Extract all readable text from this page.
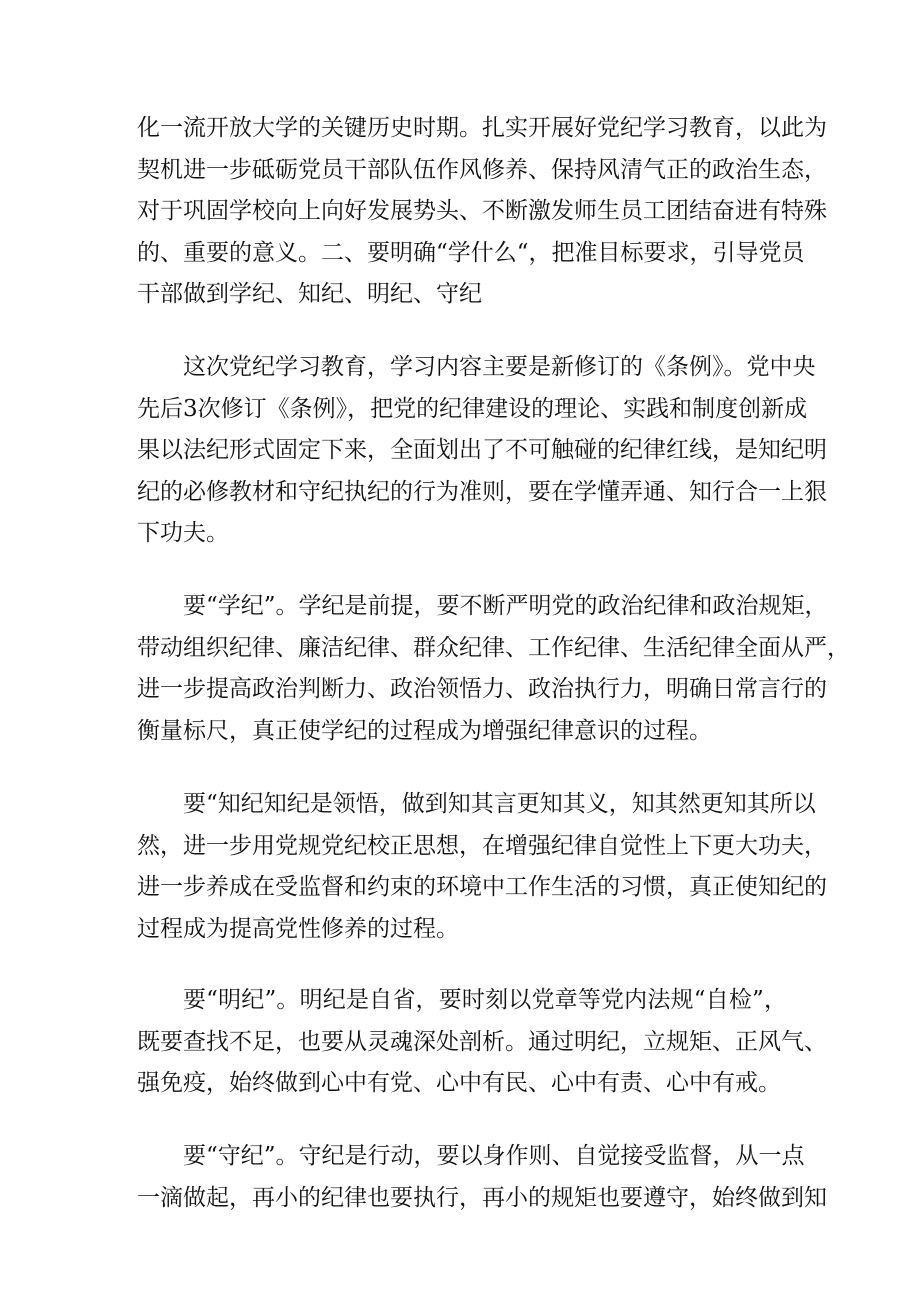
化一流开放大学的关键历史时期。扎实开展好党纪学习教育，以此为
契机进一步砥砺党员干部队伍作风修养、保持风清气正的政治生态，
对于巩固学校向上向好发展势头、不断激发师生员工团结奋进有特殊
的、重要的意义。二、要明确“学什么“，把准目标要求，引导党员
干部做到学纪、知纪、明纪、守纪
这次党纪学习教育，学习内容主要是新修订的《条例》。党中央
先后3次修订《条例》，把党的纪律建设的理论、实践和制度创新成
果以法纪形式固定下来，全面划出了不可触碰的纪律红线，是知纪明
纪的必修教材和守纪执纪的行为准则，要在学懂弄通、知行合一上狠
下功夫。
要“学纪”。学纪是前提，要不断严明党的政治纪律和政治规矩，
带动组织纪律、廉洁纪律、群众纪律、工作纪律、生活纪律全面从严，
进一步提高政治判断力、政治领悟力、政治执行力，明确日常言行的
衡量标尺，真正使学纪的过程成为增强纪律意识的过程。
要“知纪知纪是领悟，做到知其言更知其义，知其然更知其所以
然，进一步用党规党纪校正思想，在增强纪律自觉性上下更大功夫，
进一步养成在受监督和约束的环境中工作生活的习惯，真正使知纪的
过程成为提高党性修养的过程。
要“明纪”。明纪是自省，要时刻以党章等党内法规“自检”，
既要查找不足，也要从灵魂深处剖析。通过明纪，立规矩、正风气、
强免疫，始终做到心中有党、心中有民、心中有责、心中有戒。
要“守纪”。守纪是行动，要以身作则、自觉接受监督，从一点
一滴做起，再小的纪律也要执行，再小的规矩也要遵守，始终做到知
